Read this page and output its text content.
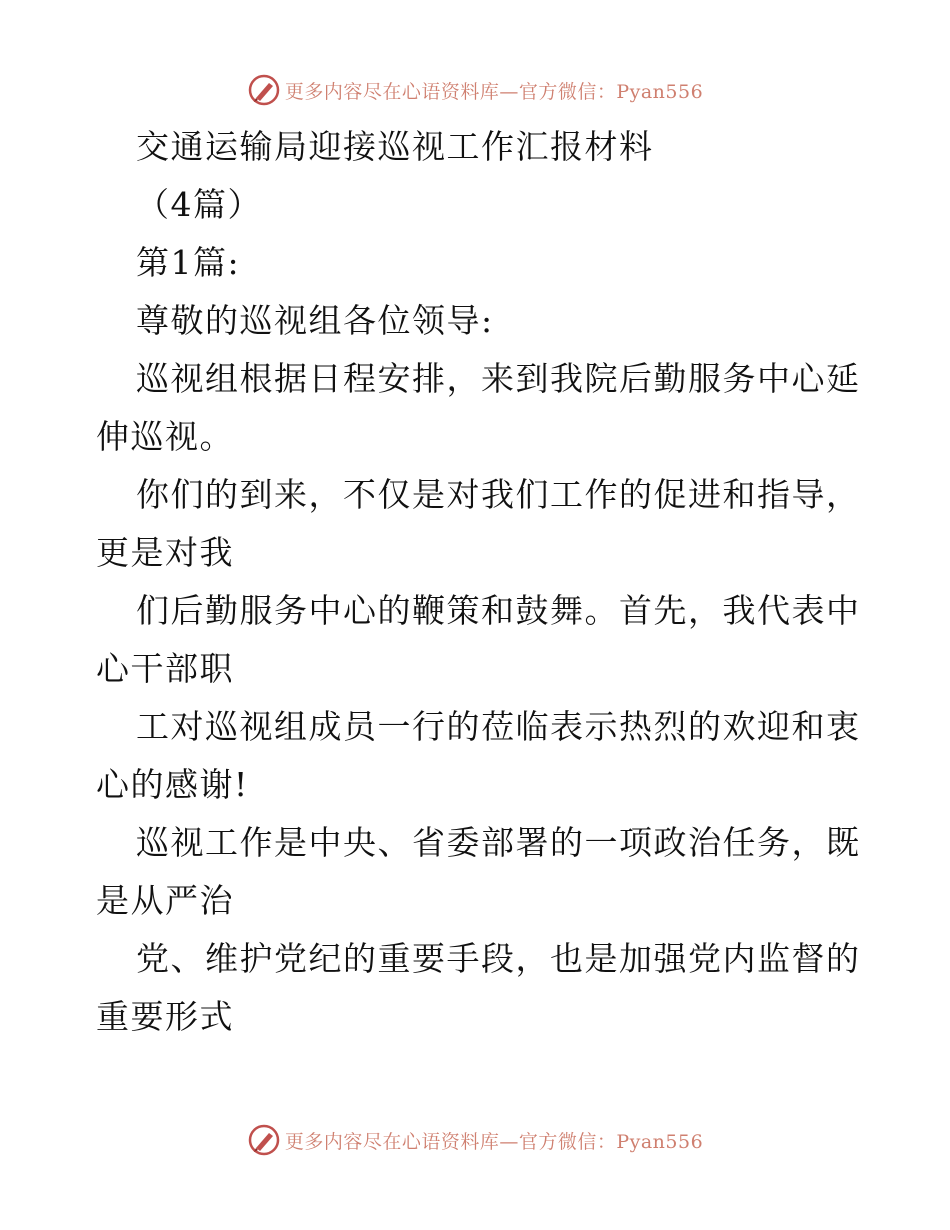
更多内容尽在心语资料库—官方微信：Pyan556
交通运输局迎接巡视工作汇报材料
（4篇）
第1篇:
尊敬的巡视组各位领导:
巡视组根据日程安排，来到我院后勤服务中心延
伸巡视。
你们的到来，不仅是对我们工作的促进和指导，
更是对我
们后勤服务中心的鞭策和鼓舞。首先，我代表中
心干部职
工对巡视组成员一行的莅临表示热烈的欢迎和衷
心的感谢!
巡视工作是中央、省委部署的一项政治任务，既
是从严治
党、维护党纪的重要手段，也是加强党内监督的
重要形式
更多内容尽在心语资料库—官方微信：Pyan556
